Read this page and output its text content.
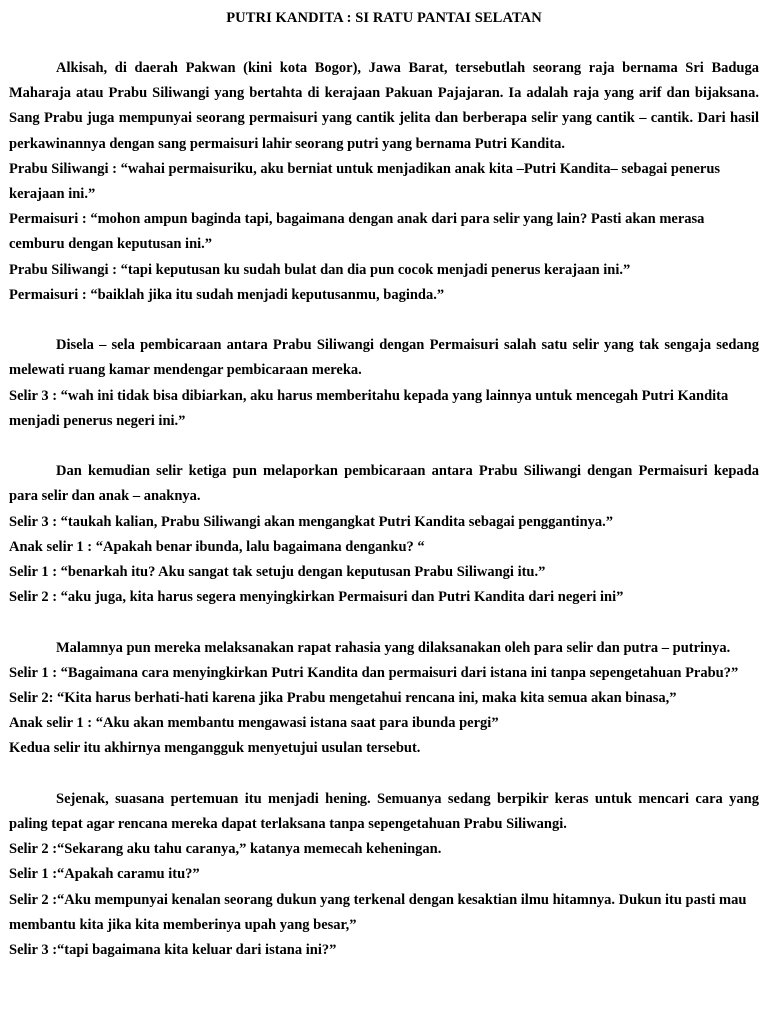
PUTRI KANDITA : SI RATU PANTAI SELATAN

Alkisah, di daerah Pakwan (kini kota Bogor), Jawa Barat, tersebutlah seorang raja bernama Sri Baduga Maharaja atau Prabu Siliwangi yang bertahta di kerajaan Pakuan Pajajaran. Ia adalah raja yang arif dan bijaksana. Sang Prabu juga mempunyai seorang permaisuri yang cantik jelita dan berberapa selir yang cantik – cantik. Dari hasil perkawinannya dengan sang permaisuri lahir seorang putri yang bernama Putri Kandita.

Prabu Siliwangi : “wahai permaisuriku, aku berniat untuk menjadikan anak kita –Putri Kandita– sebagai penerus kerajaan ini.”

Permaisuri : “mohon ampun baginda tapi, bagaimana dengan anak dari para selir yang lain? Pasti akan merasa cemburu dengan keputusan ini.”

Prabu Siliwangi : “tapi keputusan ku sudah bulat dan dia pun cocok menjadi penerus kerajaan ini.”

Permaisuri : “baiklah jika itu sudah menjadi keputusanmu, baginda.”

Disela – sela pembicaraan antara Prabu Siliwangi dengan Permaisuri salah satu selir yang tak sengaja sedang melewati ruang kamar mendengar pembicaraan mereka.

Selir 3 : “wah ini tidak bisa dibiarkan, aku harus memberitahu kepada yang lainnya untuk mencegah Putri Kandita menjadi penerus negeri ini.”

Dan kemudian selir ketiga pun melaporkan pembicaraan antara Prabu Siliwangi dengan Permaisuri kepada para selir dan anak – anaknya.

Selir 3 : “taukah kalian, Prabu Siliwangi akan mengangkat Putri Kandita sebagai penggantinya.”

Anak selir 1 : “Apakah benar ibunda, lalu bagaimana denganku? “

Selir 1 : “benarkah itu? Aku sangat tak setuju dengan keputusan Prabu Siliwangi itu.”

Selir 2 : “aku juga, kita harus segera menyingkirkan Permaisuri dan Putri Kandita dari negeri ini”

Malamnya pun mereka melaksanakan rapat rahasia yang dilaksanakan oleh para selir dan putra – putrinya.

Selir 1 : “Bagaimana cara menyingkirkan Putri Kandita dan permaisuri dari istana ini tanpa sepengetahuan Prabu?”

Selir 2: “Kita harus berhati-hati karena jika Prabu mengetahui rencana ini, maka kita semua akan binasa,”

Anak selir 1 : “Aku akan membantu mengawasi istana saat para ibunda pergi”

Kedua selir itu akhirnya mengangguk menyetujui usulan tersebut.

Sejenak, suasana pertemuan itu menjadi hening. Semuanya sedang berpikir keras untuk mencari cara yang paling tepat agar rencana mereka dapat terlaksana tanpa sepengetahuan Prabu Siliwangi.

Selir 2 :“Sekarang aku tahu caranya,” katanya memecah keheningan.

Selir 1 :“Apakah caramu itu?”

Selir 2 :“Aku mempunyai kenalan seorang dukun yang terkenal dengan kesaktian ilmu hitamnya. Dukun itu pasti mau membantu kita jika kita memberinya upah yang besar,”

Selir 3 :“tapi bagaimana kita keluar dari istana ini?”
